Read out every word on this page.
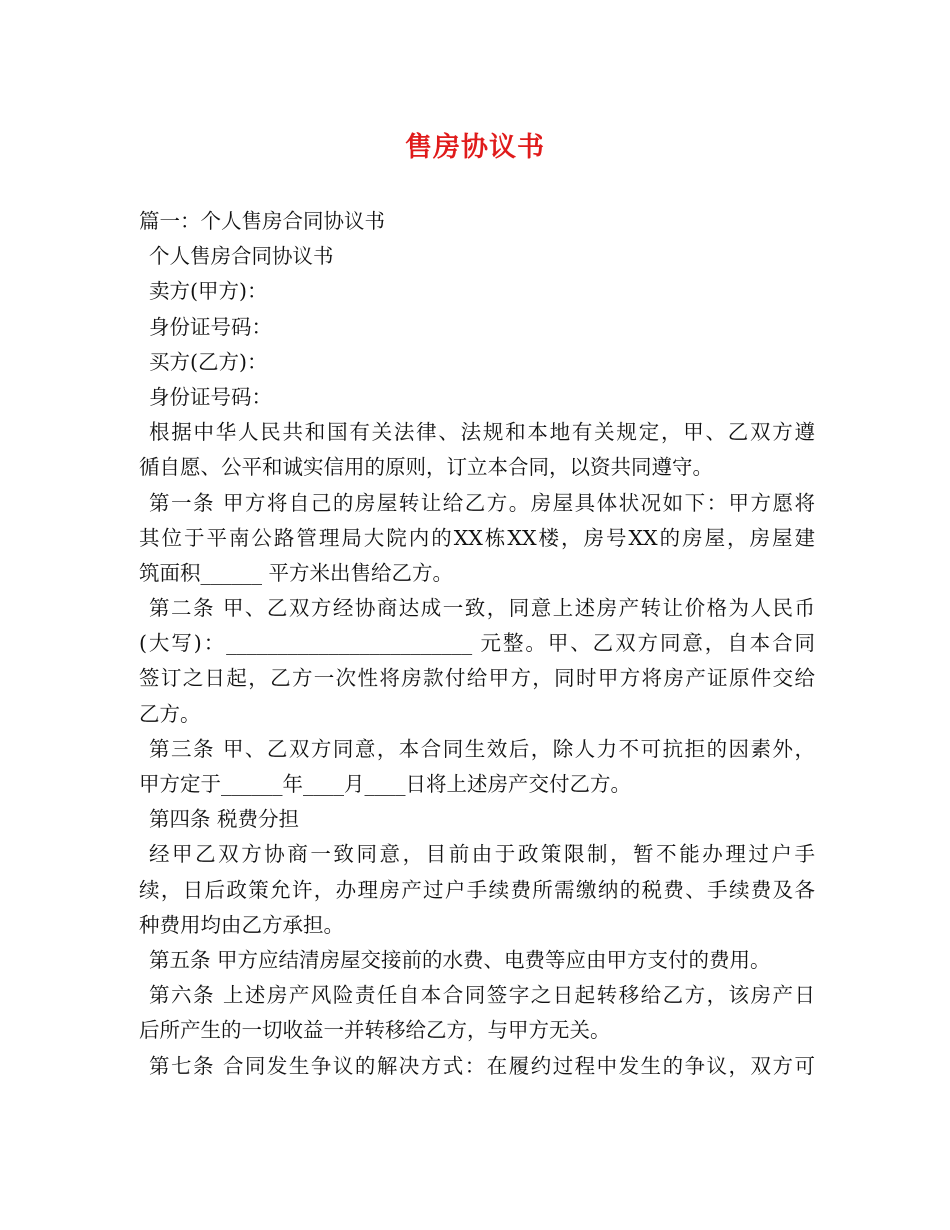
售房协议书
篇一：个人售房合同协议书
个人售房合同协议书
卖方(甲方)：
身份证号码：
买方(乙方)：
身份证号码：
根据中华人民共和国有关法律、法规和本地有关规定，甲、乙双方遵
循自愿、公平和诚实信用的原则，订立本合同，以资共同遵守。
第一条 甲方将自己的房屋转让给乙方。房屋具体状况如下：甲方愿将
其位于平南公路管理局大院内的XX栋XX楼，房号XX的房屋，房屋建
筑面积______ 平方米出售给乙方。
第二条 甲、乙双方经协商达成一致，同意上述房产转让价格为人民币
(大写)：________________________ 元整。甲、乙双方同意，自本合同
签订之日起，乙方一次性将房款付给甲方，同时甲方将房产证原件交给
乙方。
第三条 甲、乙双方同意，本合同生效后，除人力不可抗拒的因素外，
甲方定于______年____月____日将上述房产交付乙方。
第四条 税费分担
经甲乙双方协商一致同意，目前由于政策限制，暂不能办理过户手
续，日后政策允许，办理房产过户手续费所需缴纳的税费、手续费及各
种费用均由乙方承担。
第五条 甲方应结清房屋交接前的水费、电费等应由甲方支付的费用。
第六条 上述房产风险责任自本合同签字之日起转移给乙方，该房产日
后所产生的一切收益一并转移给乙方，与甲方无关。
第七条 合同发生争议的解决方式：在履约过程中发生的争议，双方可
